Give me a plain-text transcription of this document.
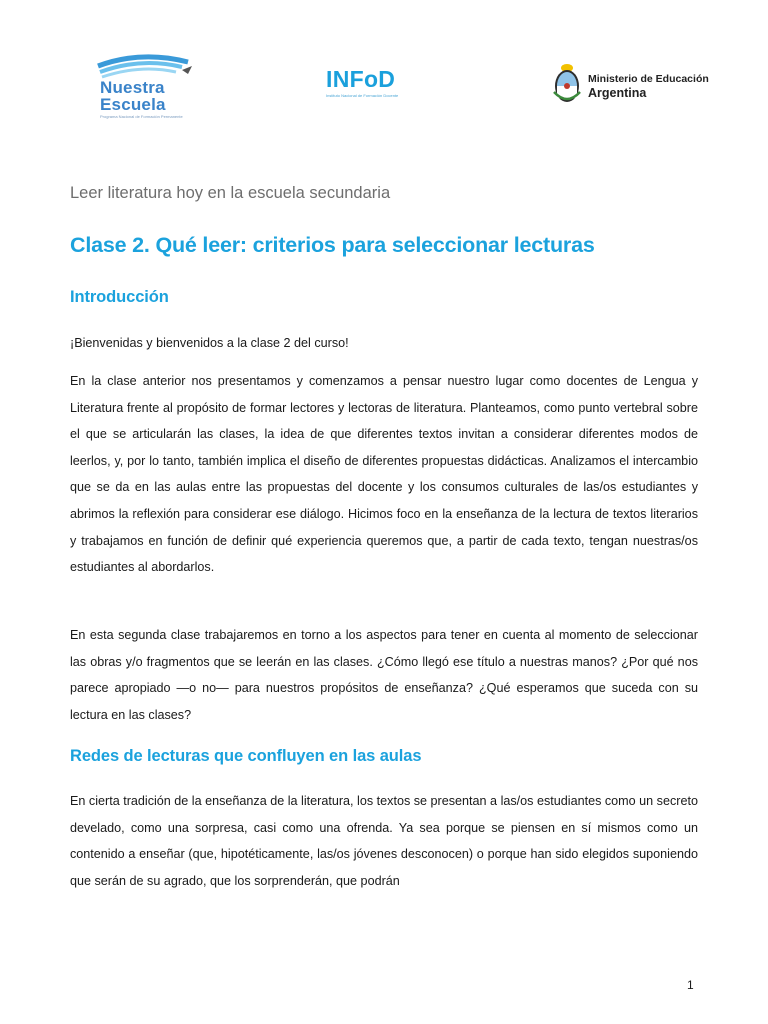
Nuestra
Escuela
Programa Nacional de Formación Permanente
INFoD
Instituto Nacional de Formación Docente
Ministerio de Educación
Argentina
Leer literatura hoy en la escuela secundaria
Clase 2. Qué leer: criterios para seleccionar lecturas
Introducción

¡Bienvenidas y bienvenidos a la clase 2 del curso!

En la clase anterior nos presentamos y comenzamos a pensar nuestro lugar como docentes de Lengua y Literatura frente al propósito de formar lectores y lectoras de literatura. Planteamos, como punto vertebral sobre el que se articularán las clases, la idea de que diferentes textos invitan a considerar diferentes modos de leerlos, y, por lo tanto, también implica el diseño de diferentes propuestas didácticas. Analizamos el intercambio que se da en las aulas entre las propuestas del docente y los consumos culturales de las/os estudiantes y abrimos la reflexión para considerar ese diálogo. Hicimos foco en la enseñanza de la lectura de textos literarios y trabajamos en función de definir qué experiencia queremos que, a partir de cada texto, tengan nuestras/os estudiantes al abordarlos.

En esta segunda clase trabajaremos en torno a los aspectos para tener en cuenta al momento de seleccionar las obras y/o fragmentos que se leerán en las clases. ¿Cómo llegó ese título a nuestras manos? ¿Por qué nos parece apropiado —o no— para nuestros propósitos de enseñanza? ¿Qué esperamos que suceda con su lectura en las clases?

Redes de lecturas que confluyen en las aulas

En cierta tradición de la enseñanza de la literatura, los textos se presentan a las/os estudiantes como un secreto develado, como una sorpresa, casi como una ofrenda. Ya sea porque se piensen en sí mismos como un contenido a enseñar (que, hipotéticamente, las/os jóvenes desconocen) o porque han sido elegidos suponiendo que serán de su agrado, que los sorprenderán, que podrán

1
